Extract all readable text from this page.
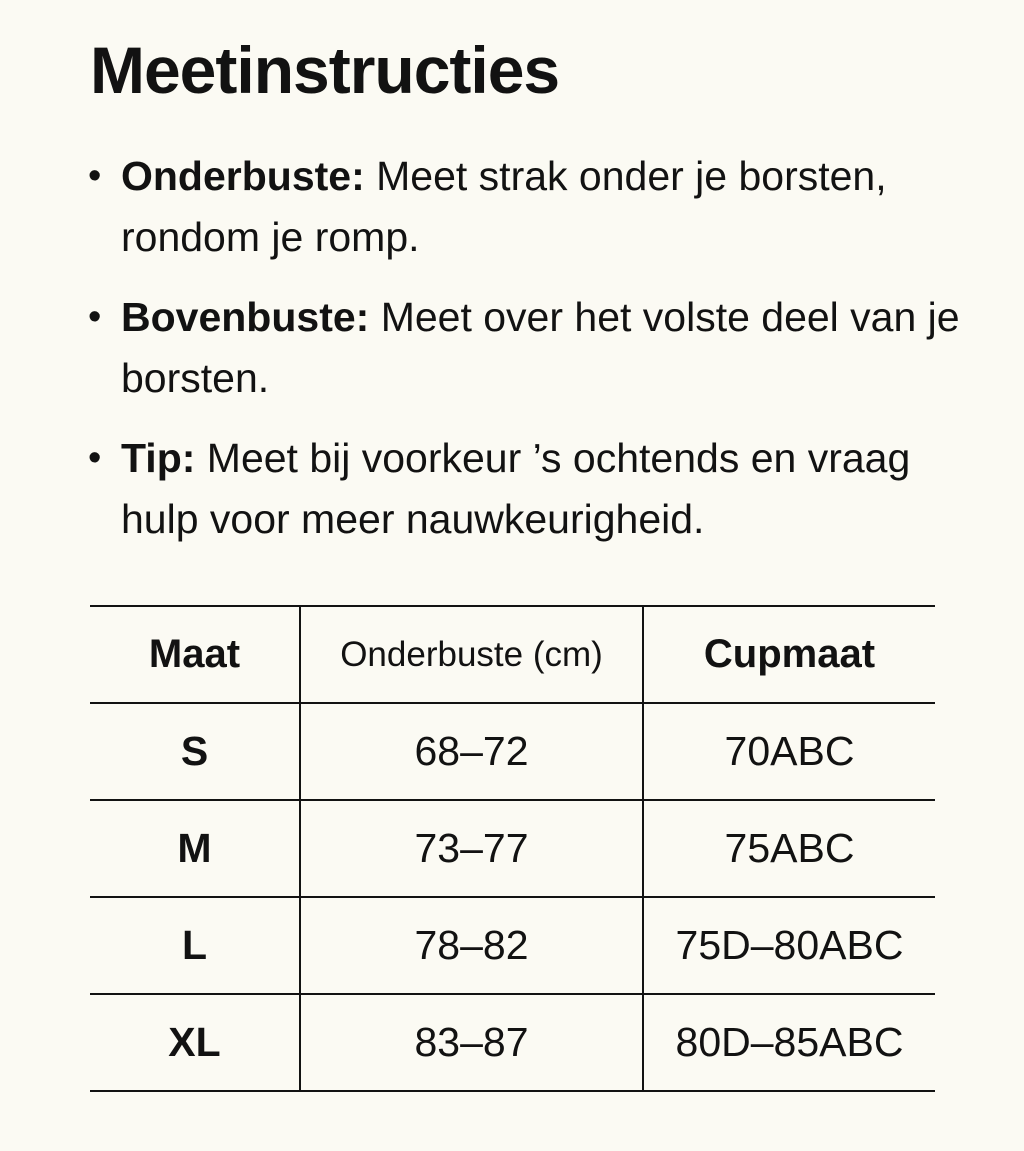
Meetinstructies
• Onderbuste: Meet strak onder je borsten, rondom je romp.
• Bovenbuste: Meet over het volste deel van je borsten.
• Tip: Meet bij voorkeur ’s ochtends en vraag hulp voor meer nauwkeurigheid.
Maat	Onderbuste (cm)	Cupmaat
S	68–72	70ABC
M	73–77	75ABC
L	78–82	75D–80ABC
XL	83–87	80D–85ABC
